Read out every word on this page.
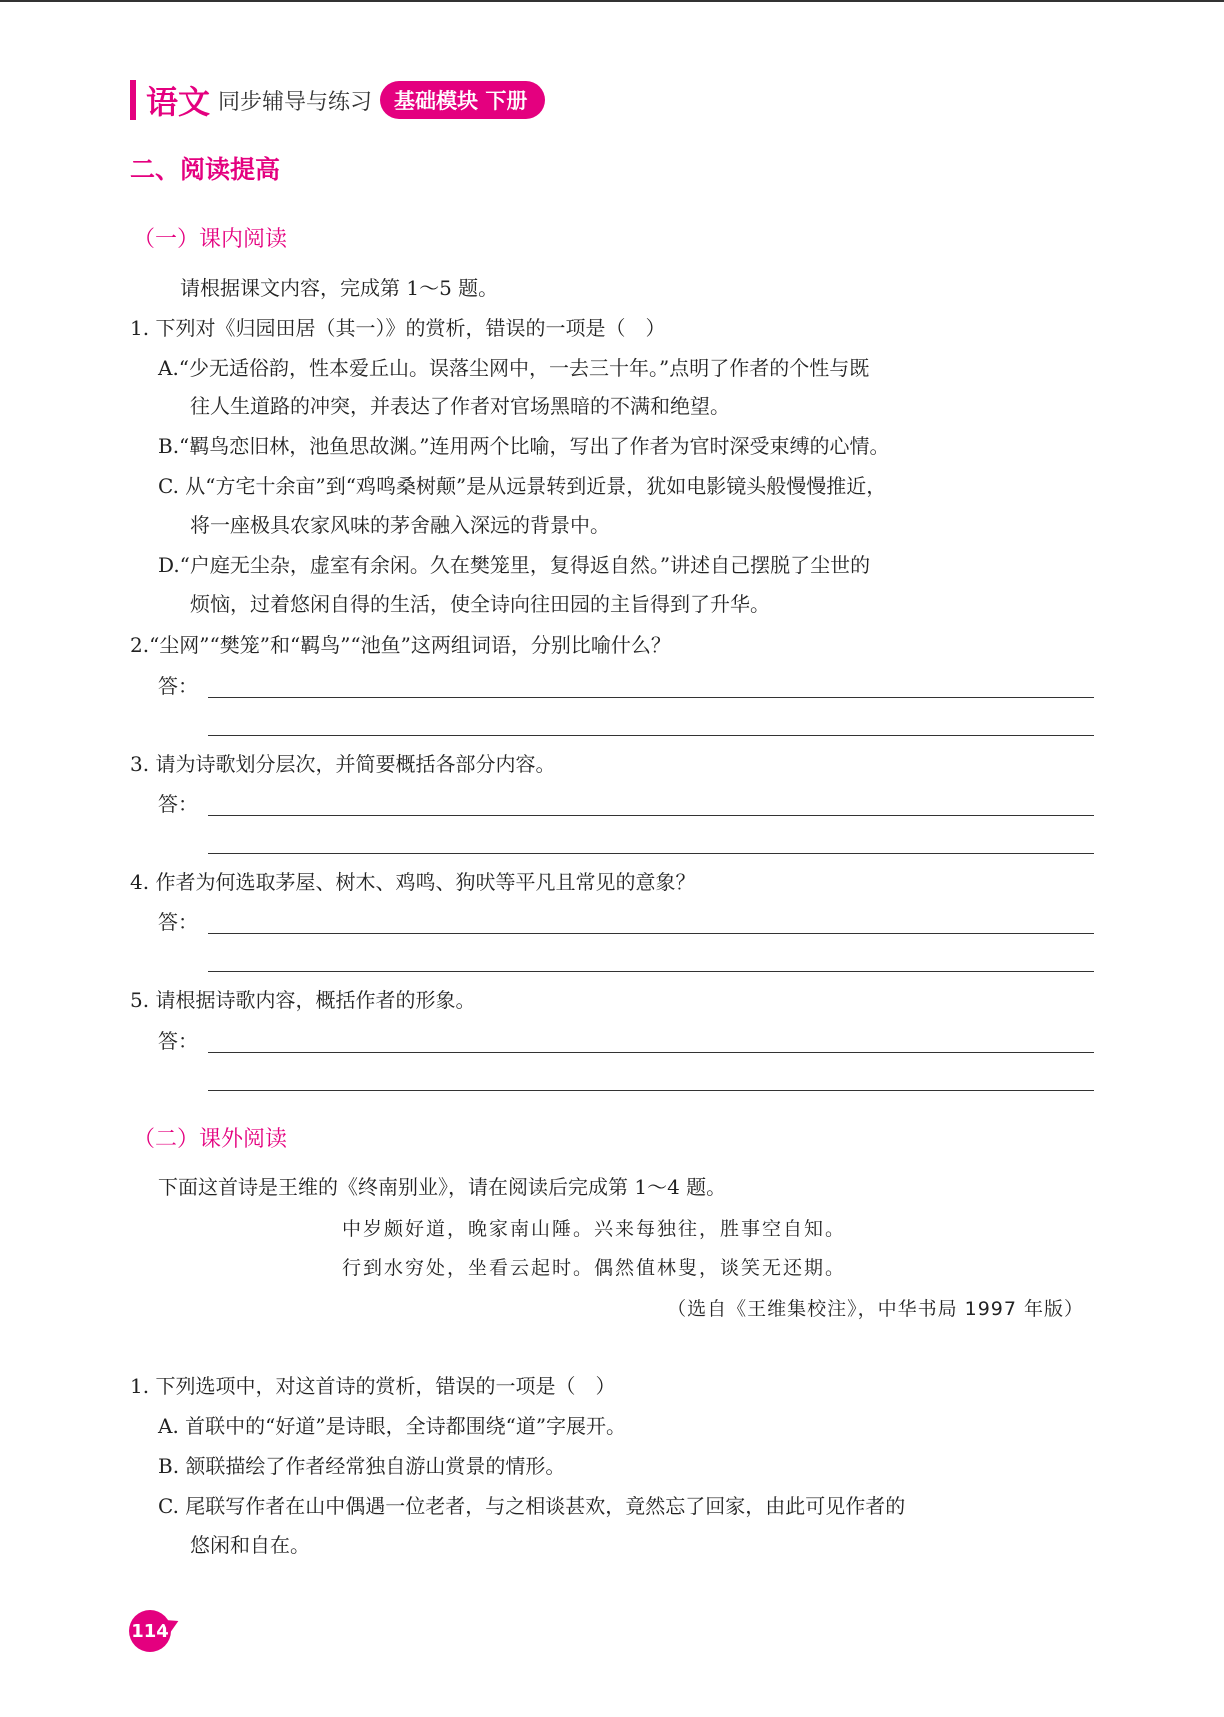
语文 同步辅导与练习	基础模块 下册
二、阅读提高
（一）课内阅读
请根据课文内容，完成第 1～5 题。
1. 下列对《归园田居（其一）》的赏析，错误的一项是（　）
A.“少无适俗韵，性本爱丘山。误落尘网中，一去三十年。”点明了作者的个性与既
往人生道路的冲突，并表达了作者对官场黑暗的不满和绝望。
B.“羁鸟恋旧林，池鱼思故渊。”连用两个比喻，写出了作者为官时深受束缚的心情。
C. 从“方宅十余亩”到“鸡鸣桑树颠”是从远景转到近景，犹如电影镜头般慢慢推近，
将一座极具农家风味的茅舍融入深远的背景中。
D.“户庭无尘杂，虚室有余闲。久在樊笼里，复得返自然。”讲述自己摆脱了尘世的
烦恼，过着悠闲自得的生活，使全诗向往田园的主旨得到了升华。
2.“尘网”“樊笼”和“羁鸟”“池鱼”这两组词语，分别比喻什么？
答：
3. 请为诗歌划分层次，并简要概括各部分内容。
答：
4. 作者为何选取茅屋、树木、鸡鸣、狗吠等平凡且常见的意象？
答：
5. 请根据诗歌内容，概括作者的形象。
答：
（二）课外阅读
下面这首诗是王维的《终南别业》，请在阅读后完成第 1～4 题。
中岁颇好道，晚家南山陲。兴来每独往，胜事空自知。
行到水穷处，坐看云起时。偶然值林叟，谈笑无还期。
（选自《王维集校注》，中华书局 1997 年版）
1. 下列选项中，对这首诗的赏析，错误的一项是（　）
A. 首联中的“好道”是诗眼，全诗都围绕“道”字展开。
B. 颔联描绘了作者经常独自游山赏景的情形。
C. 尾联写作者在山中偶遇一位老者，与之相谈甚欢，竟然忘了回家，由此可见作者的
悠闲和自在。
114
